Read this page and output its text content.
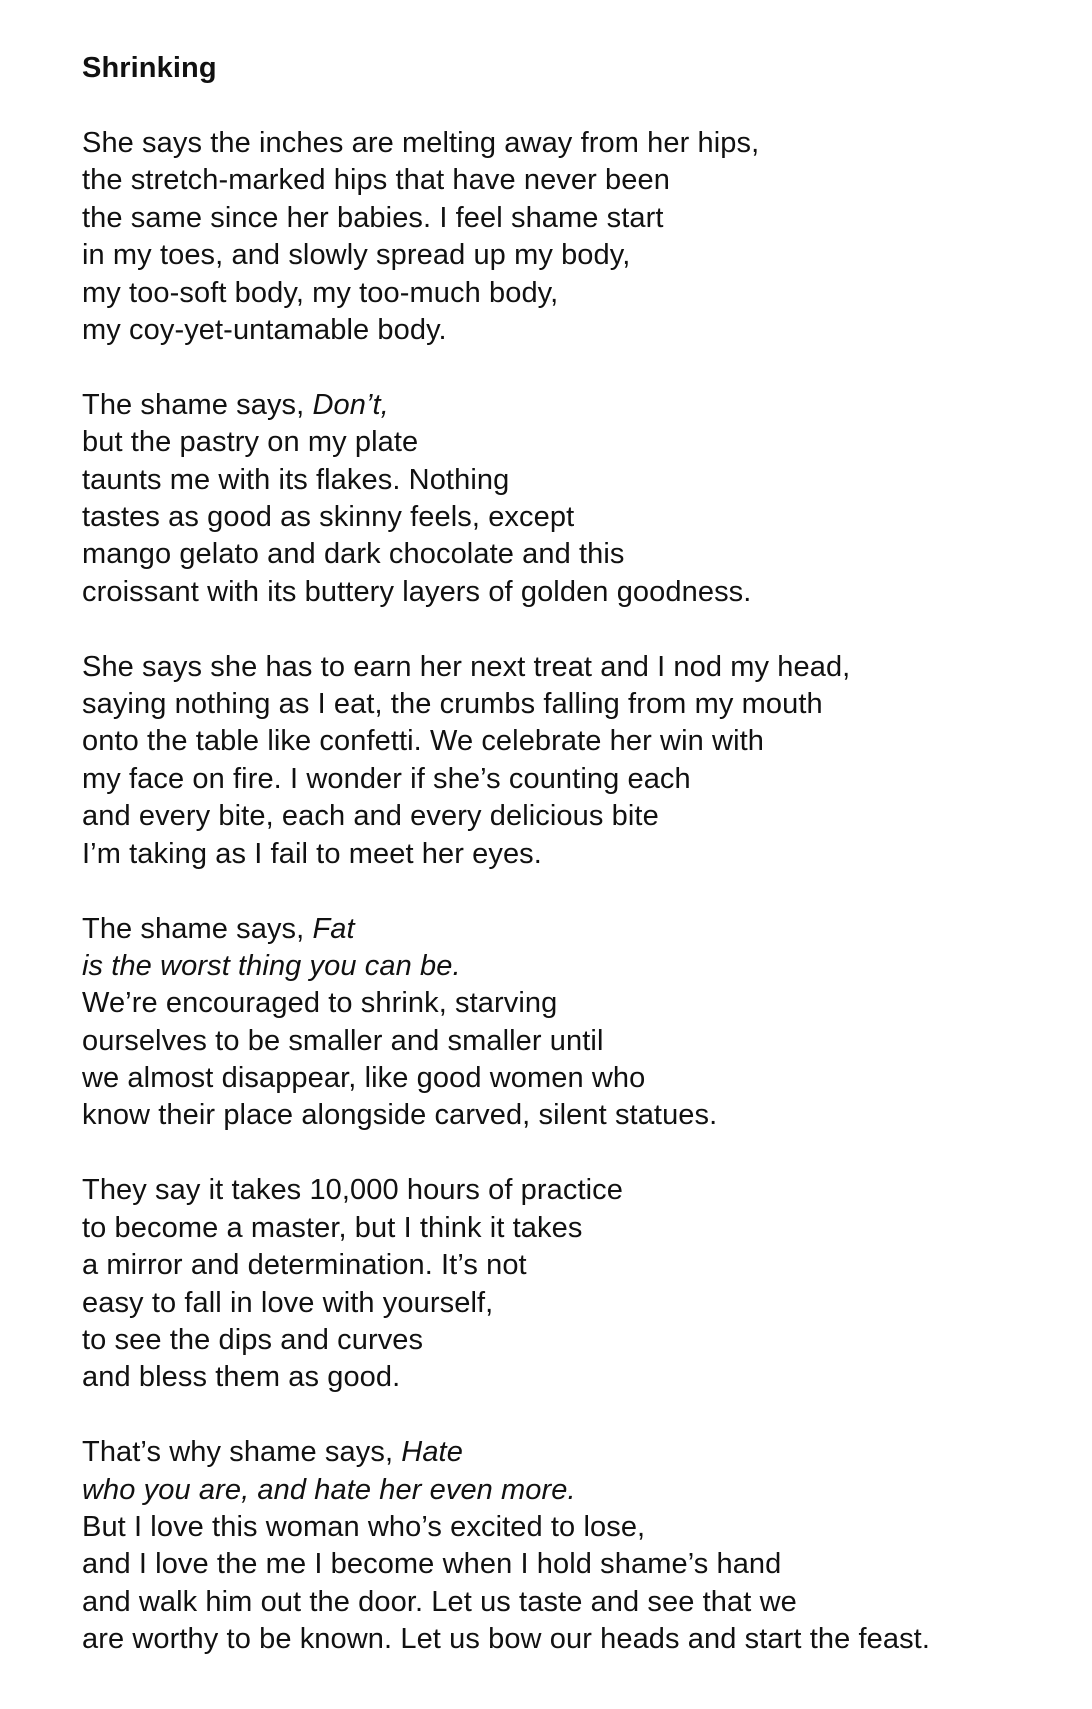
Shrinking
She says the inches are melting away from her hips,
the stretch-marked hips that have never been
the same since her babies. I feel shame start
in my toes, and slowly spread up my body,
my too-soft body, my too-much body,
my coy-yet-untamable body.
The shame says, Don’t,
but the pastry on my plate
taunts me with its flakes. Nothing
tastes as good as skinny feels, except
mango gelato and dark chocolate and this
croissant with its buttery layers of golden goodness.
She says she has to earn her next treat and I nod my head,
saying nothing as I eat, the crumbs falling from my mouth
onto the table like confetti. We celebrate her win with
my face on fire. I wonder if she’s counting each
and every bite, each and every delicious bite
I’m taking as I fail to meet her eyes.
The shame says, Fat
is the worst thing you can be.
We’re encouraged to shrink, starving
ourselves to be smaller and smaller until
we almost disappear, like good women who
know their place alongside carved, silent statues.
They say it takes 10,000 hours of practice
to become a master, but I think it takes
a mirror and determination. It’s not
easy to fall in love with yourself,
to see the dips and curves
and bless them as good.
That’s why shame says, Hate
who you are, and hate her even more.
But I love this woman who’s excited to lose,
and I love the me I become when I hold shame’s hand
and walk him out the door. Let us taste and see that we
are worthy to be known. Let us bow our heads and start the feast.
